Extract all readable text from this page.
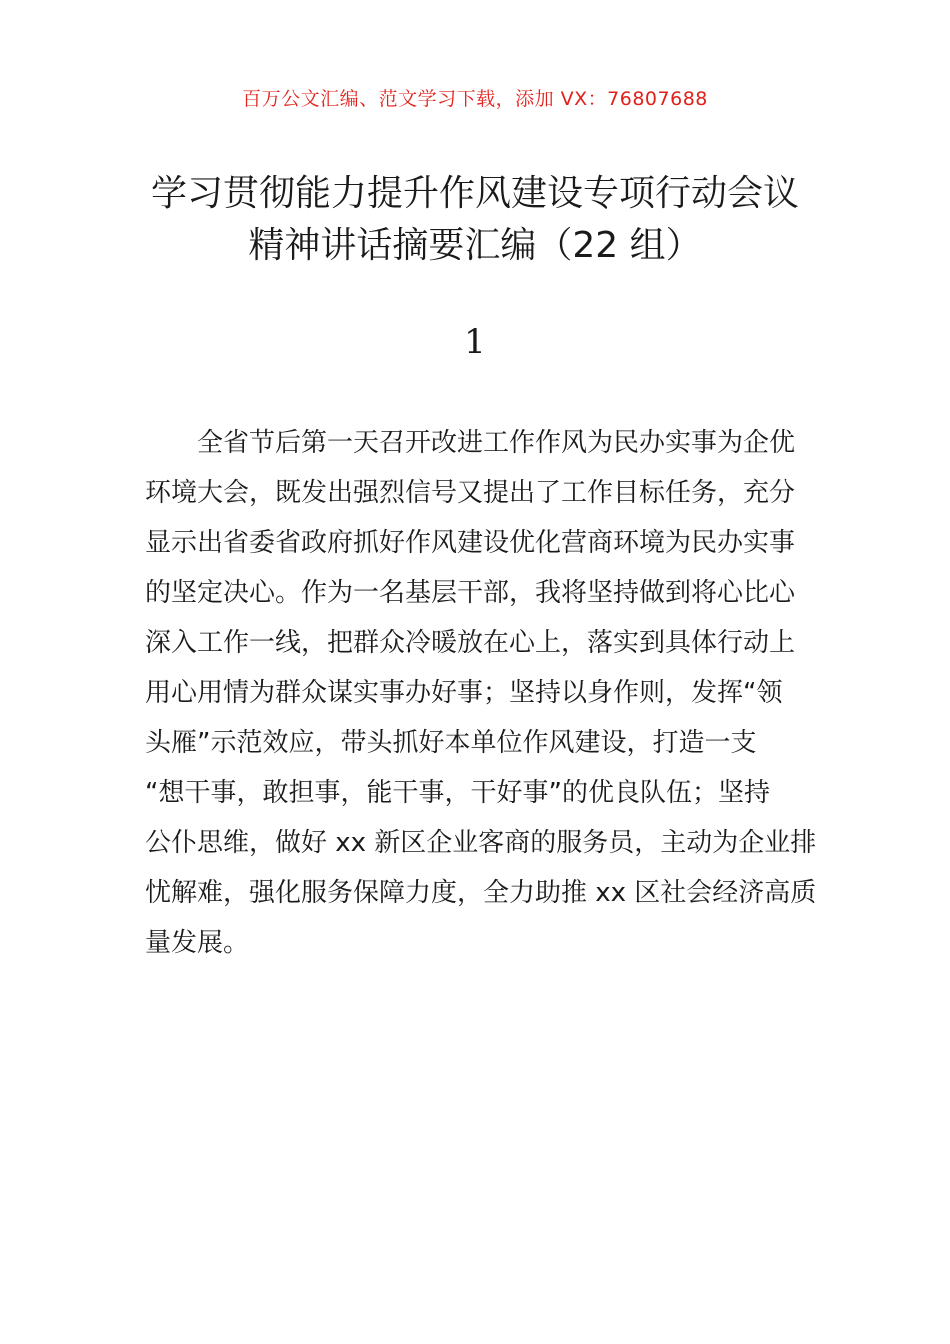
百万公文汇编、范文学习下载，添加 VX：76807688
学习贯彻能力提升作风建设专项行动会议
精神讲话摘要汇编（22 组）
1
全省节后第一天召开改进工作作风为民办实事为企优
环境大会，既发出强烈信号又提出了工作目标任务，充分
显示出省委省政府抓好作风建设优化营商环境为民办实事
的坚定决心。作为一名基层干部，我将坚持做到将心比心
深入工作一线，把群众冷暖放在心上，落实到具体行动上
用心用情为群众谋实事办好事；坚持以身作则，发挥“领
头雁”示范效应，带头抓好本单位作风建设，打造一支
“想干事，敢担事，能干事，干好事”的优良队伍；坚持
公仆思维，做好 xx 新区企业客商的服务员，主动为企业排
忧解难，强化服务保障力度，全力助推 xx 区社会经济高质
量发展。
